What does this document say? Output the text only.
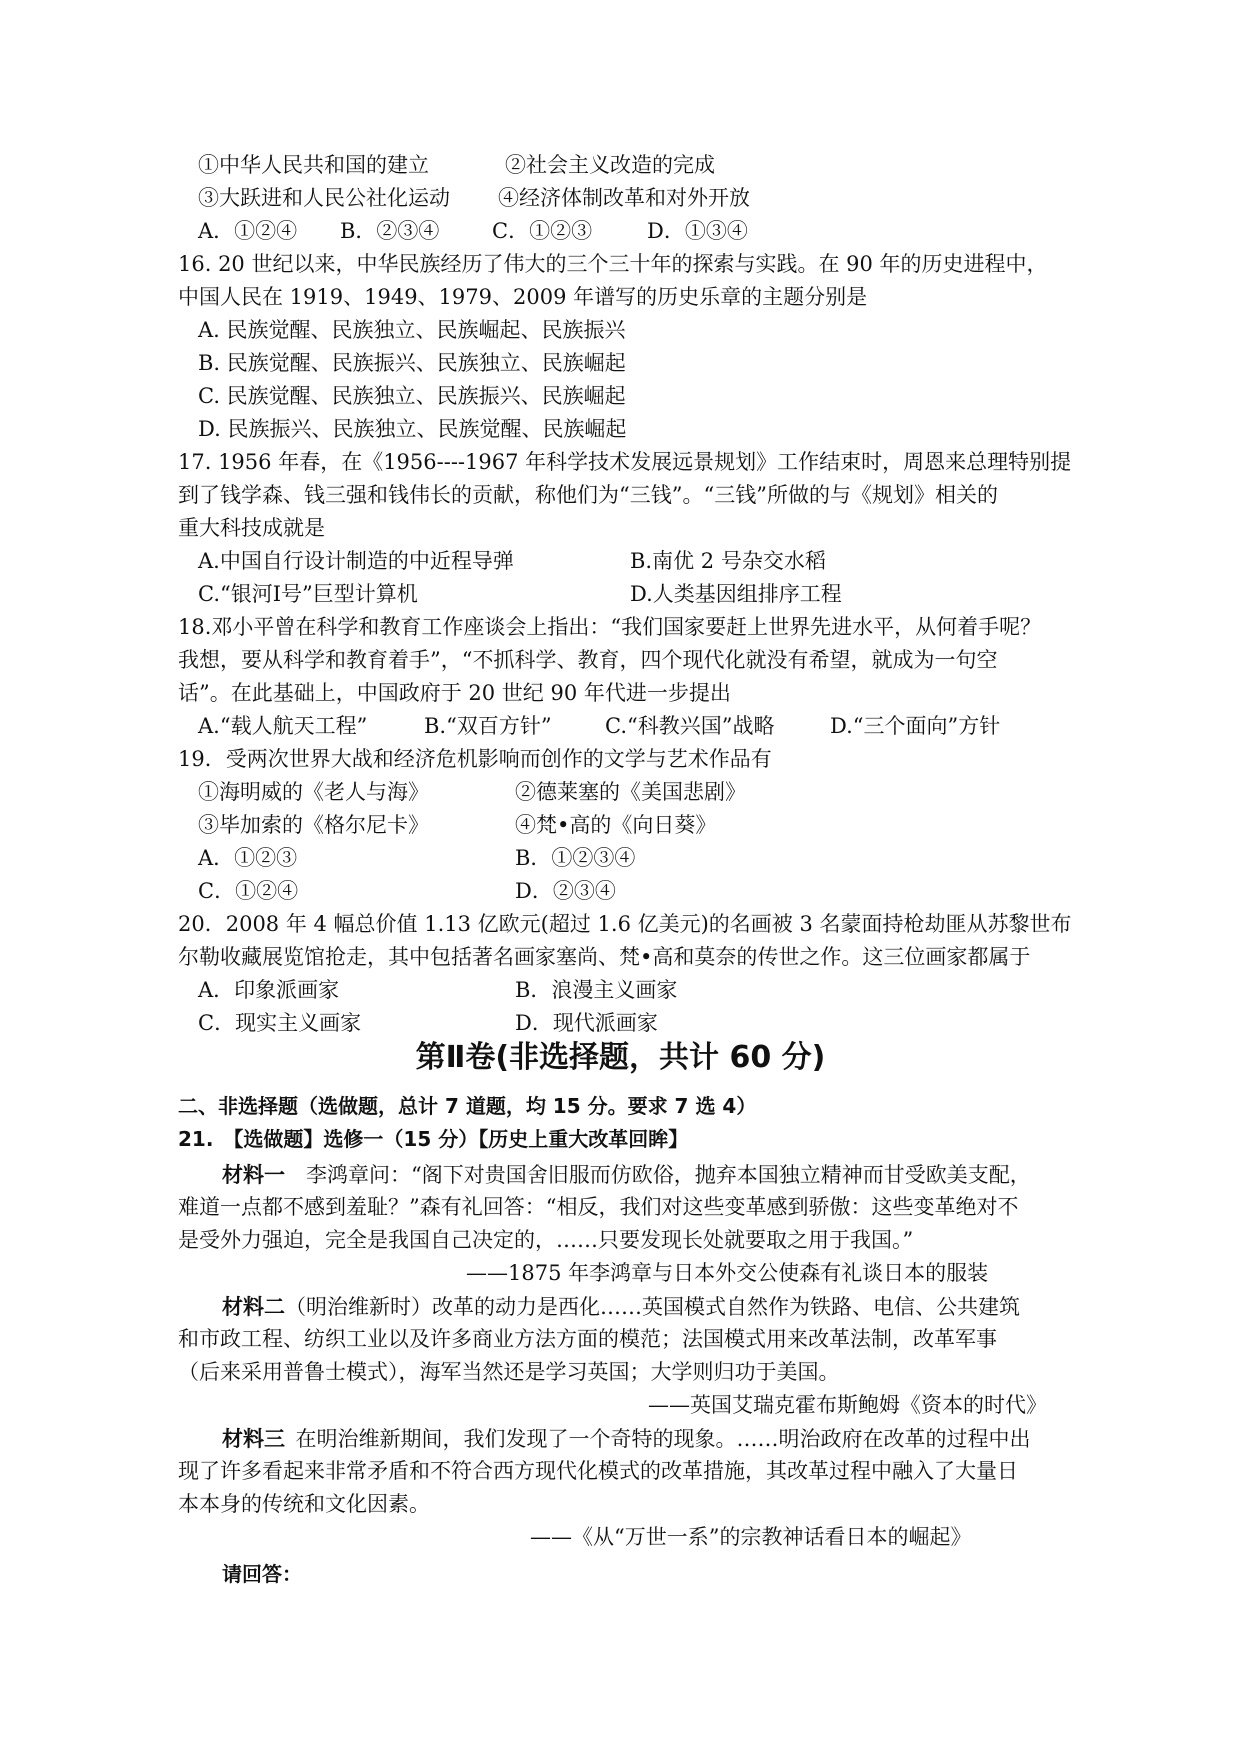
①中华人民共和国的建立	②社会主义改造的完成
③大跃进和人民公社化运动 ④经济体制改革和对外开放
A．①②④ B．②③④	C．①②③	D．①③④
16. 20 世纪以来，中华民族经历了伟大的三个三十年的探索与实践。在 90 年的历史进程中，
中国人民在 1919、1949、1979、2009 年谱写的历史乐章的主题分别是
A. 民族觉醒、民族独立、民族崛起、民族振兴
B. 民族觉醒、民族振兴、民族独立、民族崛起
C. 民族觉醒、民族独立、民族振兴、民族崛起
D. 民族振兴、民族独立、民族觉醒、民族崛起
17. 1956 年春，在《1956----1967 年科学技术发展远景规划》工作结束时，周恩来总理特别提
到了钱学森、钱三强和钱伟长的贡献，称他们为“三钱”。“三钱”所做的与《规划》相关的
重大科技成就是
A.中国自行设计制造的中近程导弹	B.南优 2 号杂交水稻
C.“银河Ⅰ号”巨型计算机	D.人类基因组排序工程
18.邓小平曾在科学和教育工作座谈会上指出：“我们国家要赶上世界先进水平，从何着手呢？
我想，要从科学和教育着手”，“不抓科学、教育，四个现代化就没有希望，就成为一句空
话”。在此基础上，中国政府于 20 世纪 90 年代进一步提出
A.“载人航天工程”	B.“双百方针”	C.“科教兴国”战略	D.“三个面向”方针
19．受两次世界大战和经济危机影响而创作的文学与艺术作品有
①海明威的《老人与海》	②德莱塞的《美国悲剧》
③毕加索的《格尔尼卡》	④梵•高的《向日葵》
A．①②③	B．①②③④
C．①②④	D．②③④
20．2008 年 4 幅总价值 1.13 亿欧元(超过 1.6 亿美元)的名画被 3 名蒙面持枪劫匪从苏黎世布
尔勒收藏展览馆抢走，其中包括著名画家塞尚、梵•高和莫奈的传世之作。这三位画家都属于
A．印象派画家	B．浪漫主义画家
C．现实主义画家	D．现代派画家
第Ⅱ卷(非选择题，共计 60 分)
二、非选择题（选做题，总计 7 道题，均 15 分。要求 7 选 4）
21.　【选做题】选修一（15 分）【历史上重大改革回眸】
材料一  李鸿章问：“阁下对贵国舍旧服而仿欧俗，抛弃本国独立精神而甘受欧美支配，
难道一点都不感到羞耻？”森有礼回答：“相反，我们对这些变革感到骄傲：这些变革绝对不
是受外力强迫，完全是我国自己决定的，……只要发现长处就要取之用于我国。”
——1875 年李鸿章与日本外交公使森有礼谈日本的服装
材料二（明治维新时）改革的动力是西化……英国模式自然作为铁路、电信、公共建筑
和市政工程、纺织工业以及许多商业方法方面的模范；法国模式用来改革法制，改革军事
（后来采用普鲁士模式），海军当然还是学习英国；大学则归功于美国。
——英国艾瑞克霍布斯鲍姆《资本的时代》
材料三  在明治维新期间，我们发现了一个奇特的现象。……明治政府在改革的过程中出
现了许多看起来非常矛盾和不符合西方现代化模式的改革措施，其改革过程中融入了大量日
本本身的传统和文化因素。
——《从“万世一系”的宗教神话看日本的崛起》
请回答：
